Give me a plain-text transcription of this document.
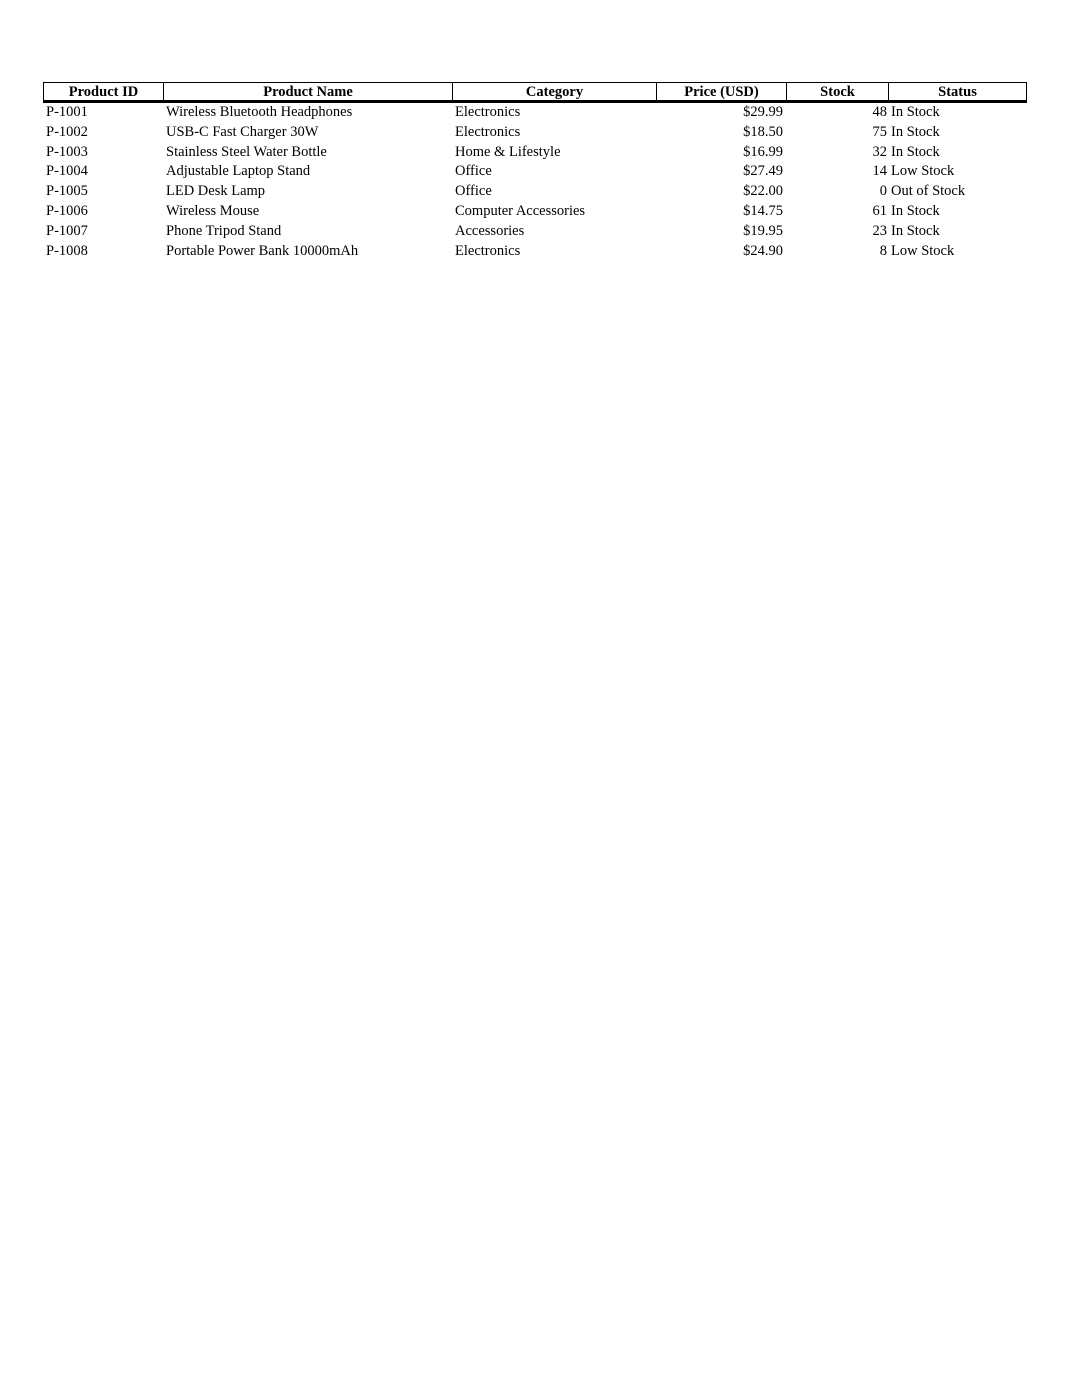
Product ID	Product Name	Category	Price (USD)	Stock	Status
P-1001	Wireless Bluetooth Headphones	Electronics	$29.99	48 In Stock
P-1002	USB-C Fast Charger 30W	Electronics	$18.50	75 In Stock
P-1003	Stainless Steel Water Bottle	Home & Lifestyle	$16.99	32 In Stock
P-1004	Adjustable Laptop Stand	Office	$27.49	14 Low Stock
P-1005	LED Desk Lamp	Office	$22.00	0 Out of Stock
P-1006	Wireless Mouse	Computer Accessories	$14.75	61 In Stock
P-1007	Phone Tripod Stand	Accessories	$19.95	23 In Stock
P-1008	Portable Power Bank 10000mAh	Electronics	$24.90	8 Low Stock
